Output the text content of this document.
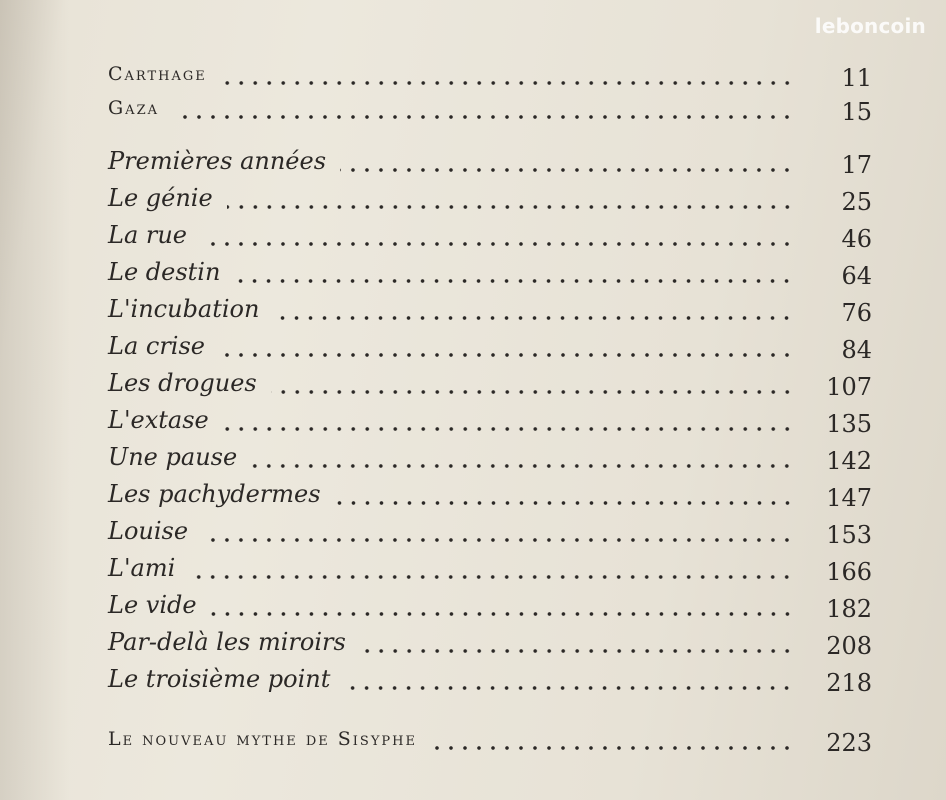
leboncoin
Carthage	11
Gaza	15
Premières années	17
Le génie	25
La rue	46
Le destin	64
L'incubation	76
La crise	84
Les drogues	107
L'extase	135
Une pause	142
Les pachydermes	147
Louise	153
L'ami	166
Le vide	182
Par-delà les miroirs	208
Le troisième point	218
Le nouveau mythe de Sisyphe	223
